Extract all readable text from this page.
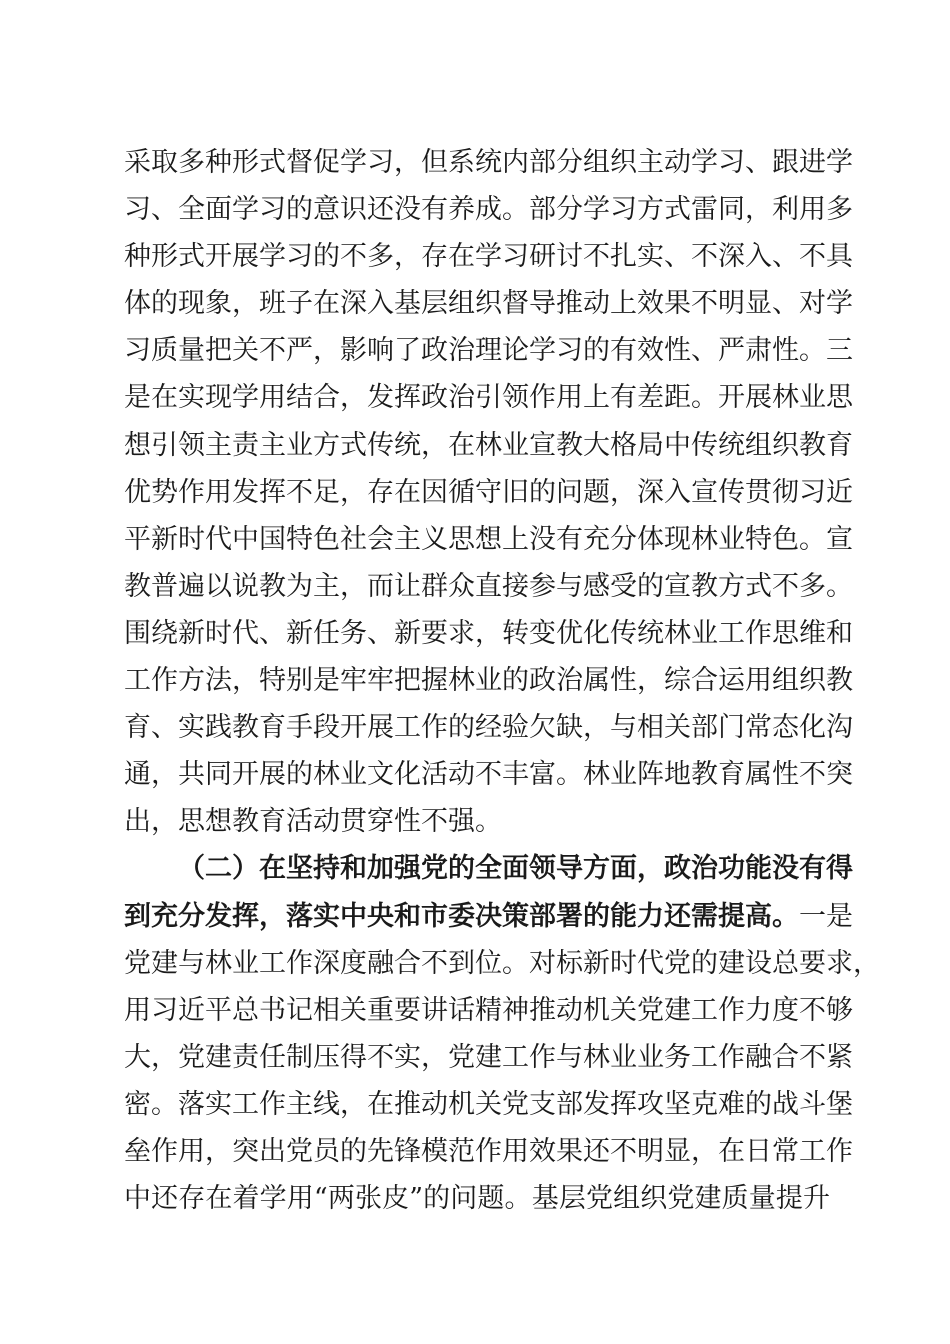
采取多种形式督促学习，但系统内部分组织主动学习、跟进学
习、全面学习的意识还没有养成。部分学习方式雷同，利用多
种形式开展学习的不多，存在学习研讨不扎实、不深入、不具
体的现象，班子在深入基层组织督导推动上效果不明显、对学
习质量把关不严，影响了政治理论学习的有效性、严肃性。三
是在实现学用结合，发挥政治引领作用上有差距。开展林业思
想引领主责主业方式传统，在林业宣教大格局中传统组织教育
优势作用发挥不足，存在因循守旧的问题，深入宣传贯彻习近
平新时代中国特色社会主义思想上没有充分体现林业特色。宣
教普遍以说教为主，而让群众直接参与感受的宣教方式不多。
围绕新时代、新任务、新要求，转变优化传统林业工作思维和
工作方法，特别是牢牢把握林业的政治属性，综合运用组织教
育、实践教育手段开展工作的经验欠缺，与相关部门常态化沟
通，共同开展的林业文化活动不丰富。林业阵地教育属性不突
出，思想教育活动贯穿性不强。
（二）在坚持和加强党的全面领导方面，政治功能没有得
到充分发挥，落实中央和市委决策部署的能力还需提高。一是
党建与林业工作深度融合不到位。对标新时代党的建设总要求，
用习近平总书记相关重要讲话精神推动机关党建工作力度不够
大，党建责任制压得不实，党建工作与林业业务工作融合不紧
密。落实工作主线，在推动机关党支部发挥攻坚克难的战斗堡
垒作用，突出党员的先锋模范作用效果还不明显，在日常工作
中还存在着学用“两张皮”的问题。基层党组织党建质量提升
